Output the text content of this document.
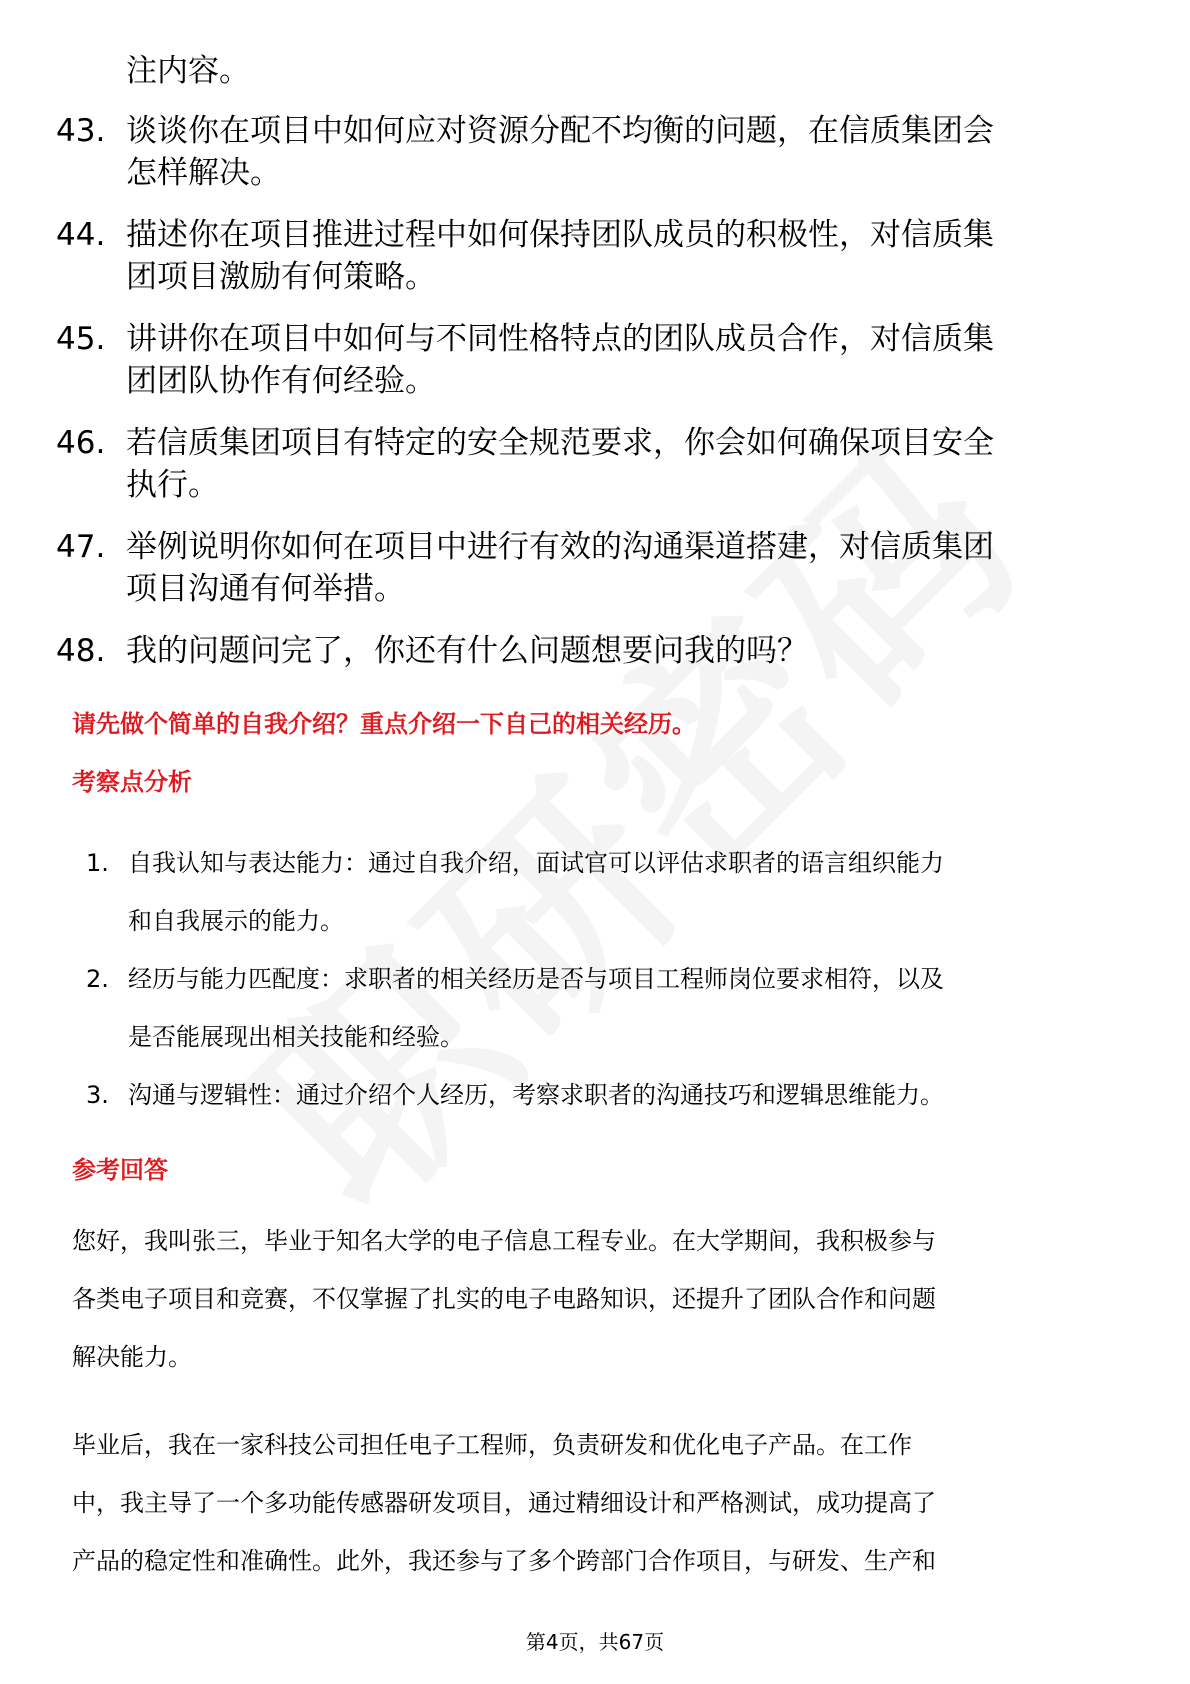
注内容。
43. 谈谈你在项目中如何应对资源分配不均衡的问题，在信质集团会
怎样解决。
44. 描述你在项目推进过程中如何保持团队成员的积极性，对信质集
团项目激励有何策略。
45. 讲讲你在项目中如何与不同性格特点的团队成员合作，对信质集
团团队协作有何经验。
46. 若信质集团项目有特定的安全规范要求，你会如何确保项目安全
执行。
47. 举例说明你如何在项目中进行有效的沟通渠道搭建，对信质集团
项目沟通有何举措。
48. 我的问题问完了，你还有什么问题想要问我的吗？
请先做个简单的自我介绍？重点介绍一下自己的相关经历。
考察点分析
1. 自我认知与表达能力：通过自我介绍，面试官可以评估求职者的语言组织能力
和自我展示的能力。
2. 经历与能力匹配度：求职者的相关经历是否与项目工程师岗位要求相符，以及
是否能展现出相关技能和经验。
3. 沟通与逻辑性：通过介绍个人经历，考察求职者的沟通技巧和逻辑思维能力。
参考回答
您好，我叫张三，毕业于知名大学的电子信息工程专业。在大学期间，我积极参与
各类电子项目和竞赛，不仅掌握了扎实的电子电路知识，还提升了团队合作和问题
解决能力。
毕业后，我在一家科技公司担任电子工程师，负责研发和优化电子产品。在工作
中，我主导了一个多功能传感器研发项目，通过精细设计和严格测试，成功提高了
产品的稳定性和准确性。此外，我还参与了多个跨部门合作项目，与研发、生产和
第4页，共67页
